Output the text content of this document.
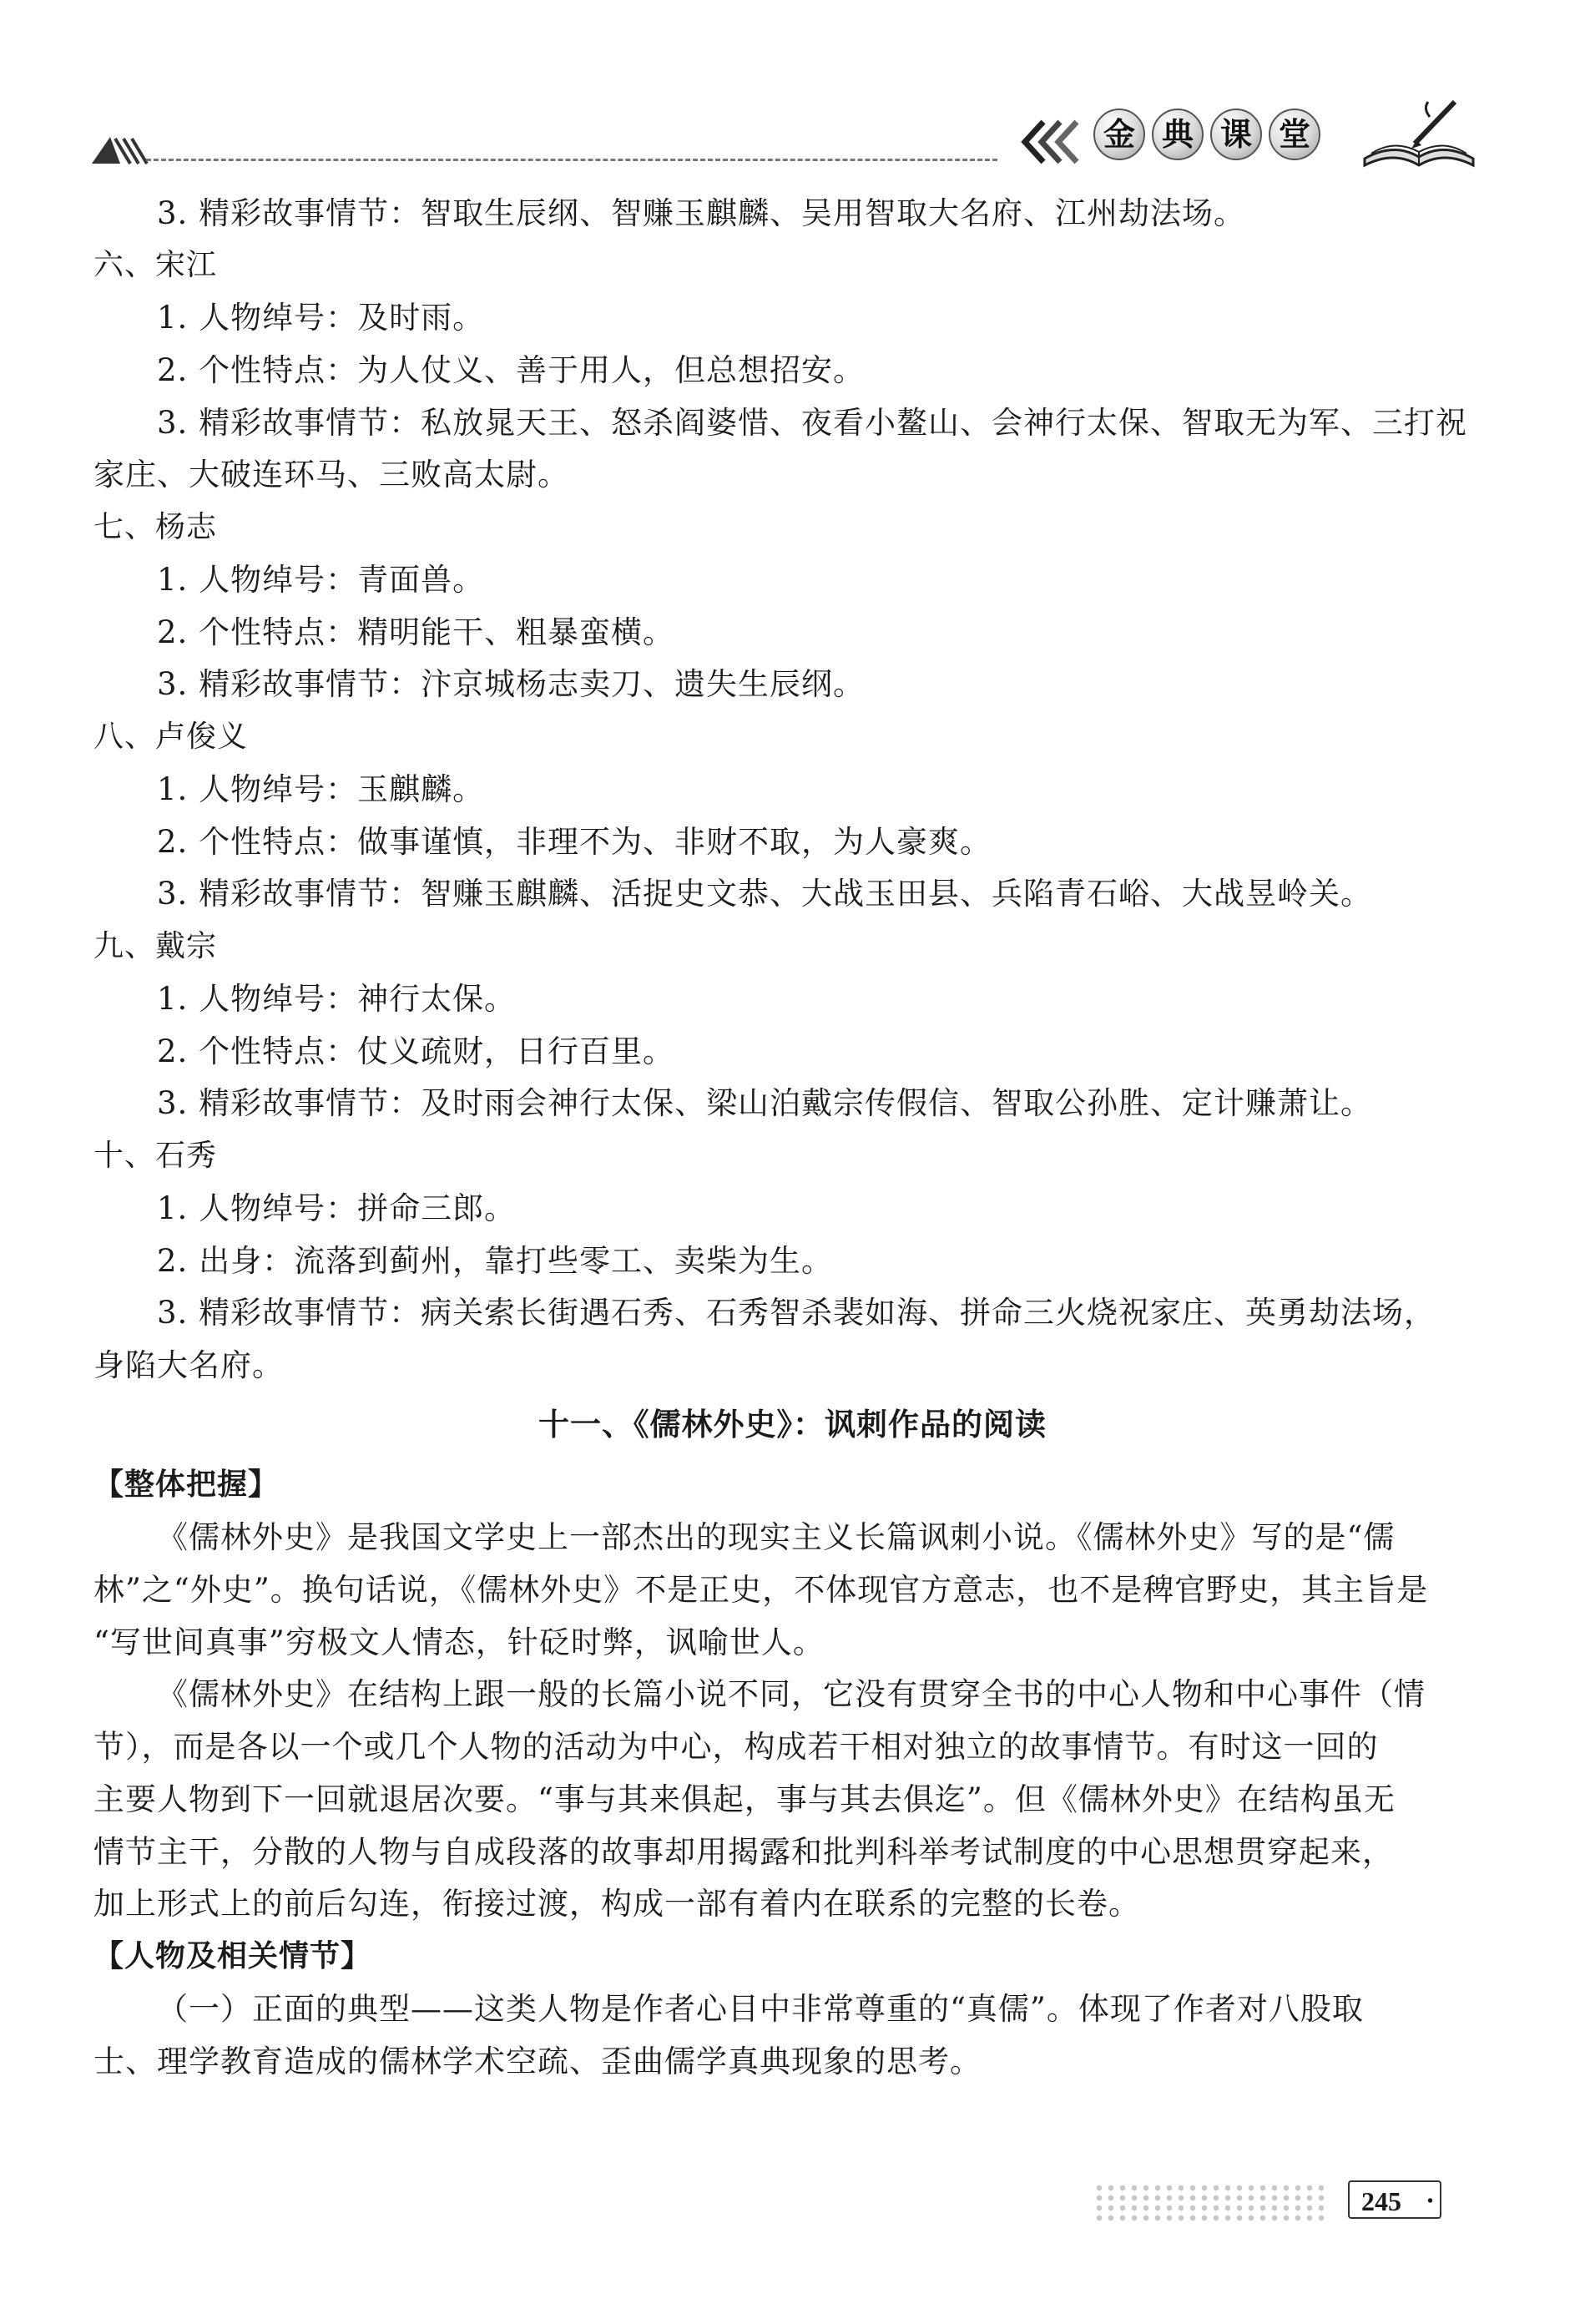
金 典 课 堂
3. 精彩故事情节：智取生辰纲、智赚玉麒麟、吴用智取大名府、江州劫法场。
六、宋江
1. 人物绰号：及时雨。
2. 个性特点：为人仗义、善于用人，但总想招安。
3. 精彩故事情节：私放晁天王、怒杀阎婆惜、夜看小鳌山、会神行太保、智取无为军、三打祝
家庄、大破连环马、三败高太尉。
七、杨志
1. 人物绰号：青面兽。
2. 个性特点：精明能干、粗暴蛮横。
3. 精彩故事情节：汴京城杨志卖刀、遗失生辰纲。
八、卢俊义
1. 人物绰号：玉麒麟。
2. 个性特点：做事谨慎，非理不为、非财不取，为人豪爽。
3. 精彩故事情节：智赚玉麒麟、活捉史文恭、大战玉田县、兵陷青石峪、大战昱岭关。
九、戴宗
1. 人物绰号：神行太保。
2. 个性特点：仗义疏财，日行百里。
3. 精彩故事情节：及时雨会神行太保、梁山泊戴宗传假信、智取公孙胜、定计赚萧让。
十、石秀
1. 人物绰号：拼命三郎。
2. 出身：流落到蓟州，靠打些零工、卖柴为生。
3. 精彩故事情节：病关索长街遇石秀、石秀智杀裴如海、拼命三火烧祝家庄、英勇劫法场，
身陷大名府。
十一、《儒林外史》：讽刺作品的阅读
【整体把握】
《儒林外史》是我国文学史上一部杰出的现实主义长篇讽刺小说。《儒林外史》写的是“儒
林”之“外史”。换句话说，《儒林外史》不是正史，不体现官方意志，也不是稗官野史，其主旨是
“写世间真事”穷极文人情态，针砭时弊，讽喻世人。
《儒林外史》在结构上跟一般的长篇小说不同，它没有贯穿全书的中心人物和中心事件（情
节），而是各以一个或几个人物的活动为中心，构成若干相对独立的故事情节。有时这一回的
主要人物到下一回就退居次要。“事与其来俱起，事与其去俱迄”。但《儒林外史》在结构虽无
情节主干，分散的人物与自成段落的故事却用揭露和批判科举考试制度的中心思想贯穿起来，
加上形式上的前后勾连，衔接过渡，构成一部有着内在联系的完整的长卷。
【人物及相关情节】
（一）正面的典型——这类人物是作者心目中非常尊重的“真儒”。体现了作者对八股取
士、理学教育造成的儒林学术空疏、歪曲儒学真典现象的思考。
245 •
